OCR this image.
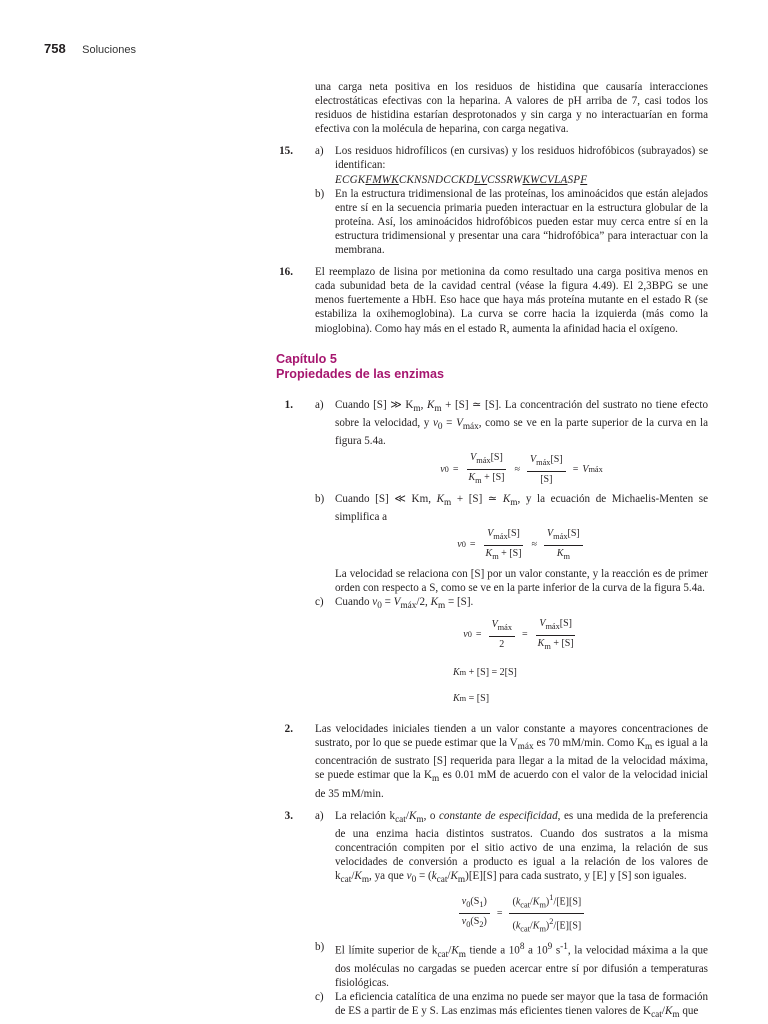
758 Soluciones

una carga neta positiva en los residuos de histidina que causaría interacciones electrostáticas efectivas con la heparina. A valores de pH arriba de 7, casi todos los residuos de histidina estarían desprotonados y sin carga y no interactuarían en forma efectiva con la molécula de heparina, con carga negativa.

15. a) Los residuos hidrofílicos (en cursivas) y los residuos hidrofóbicos (subrayados) se identifican:

ECGKFMWKCKNSNDCCKDLVCSSRWKWCVLASPF

b) En la estructura tridimensional de las proteínas, los aminoácidos que están alejados entre sí en la secuencia primaria pueden interactuar en la estructura globular de la proteína. Así, los aminoácidos hidrofóbicos pueden estar muy cerca entre sí en la estructura tridimensional y presentar una cara “hidrofóbica” para interactuar con la membrana.

16. El reemplazo de lisina por metionina da como resultado una carga positiva menos en cada subunidad beta de la cavidad central (véase la figura 4.49). El 2,3BPG se une menos fuertemente a HbH. Eso hace que haya más proteína mutante en el estado R (se estabiliza la oxihemoglobina). La curva se corre hacia la izquierda (más como la mioglobina). Como hay más en el estado R, aumenta la afinidad hacia el oxígeno.

Capítulo 5
Propiedades de las enzimas
1. a) Cuando [S] ≫ $K_m$, $K_m + [S]$ ≃ [S]. La concentración del sustrato no tiene efecto sobre la velocidad, y $v_0 = V_{máx}$, como se ve en la parte superior de la curva en la figura 5.4a.

v $0 = \frac{V_{máx}[S]}{K_m + [S]} \approx \frac{V_{máx}[S]}{[S]} = V$ máx
b) Cuando [S] ≪ Km, $K_m + [S]$ ≃ $K_m$, y la ecuación de Michaelis-Menten se simplifica a

v $0 = \frac{V_{máx}[S]}{K_m + [S]} \approx \frac{V_{máx}[S]}{K_m}$

La velocidad se relaciona con [S] por un valor constante, y la reacción es de primer orden con respecto a S, como se ve en la parte inferior de la curva de la figura 5.4a.

c) Cuando $v_0 = V_{máx}/2$, $K_m = [S]$.

v $0 = \frac{V_{máx}}{2} = \frac{V_{máx}[S]}{K_m + [S]}$
K m + [S] = 2[S]
K m = [S]
2. Las velocidades iniciales tienden a un valor constante a mayores concentraciones de sustrato, por lo que se puede estimar que la $V_{máx}$ es 70 mM/min. Como $K_m$ es igual a la concentración de sustrato [S] requerida para llegar a la mitad de la velocidad máxima, se puede estimar que la $K_m$ es 0.01 mM de acuerdo con el valor de la velocidad inicial de 35 mM/min.

3. a) La relación $k_{cat}/K_m$, o constante de especificidad, es una medida de la preferencia de una enzima hacia distintos sustratos. Cuando dos sustratos a la misma concentración compiten por el sitio activo de una enzima, la relación de sus velocidades de conversión a producto es igual a la relación de los valores de $k_{cat}/K_m$, ya que $v_0 = (k_{cat}/K_m)[E][S]$ para cada sustrato, y [E] y [S] son iguales.

$\frac{v_0(S_1)}{v_0(S_2)} = \frac{(k_{cat}/K_m)^1/[E][S]}{(k_{cat}/K_m)^2/[E][S]}$
b) El límite superior de $k_{cat}/K_m$ tiende a $10^8$ a $10^9$ $s^{-1}$, la velocidad máxima a la que dos moléculas no cargadas se pueden acercar entre sí por difusión a temperaturas fisiológicas.

c) La eficiencia catalítica de una enzima no puede ser mayor que la tasa de formación de ES a partir de E y S. Las enzimas más eficientes tienen valores de $K_{cat}/K_m$ que
